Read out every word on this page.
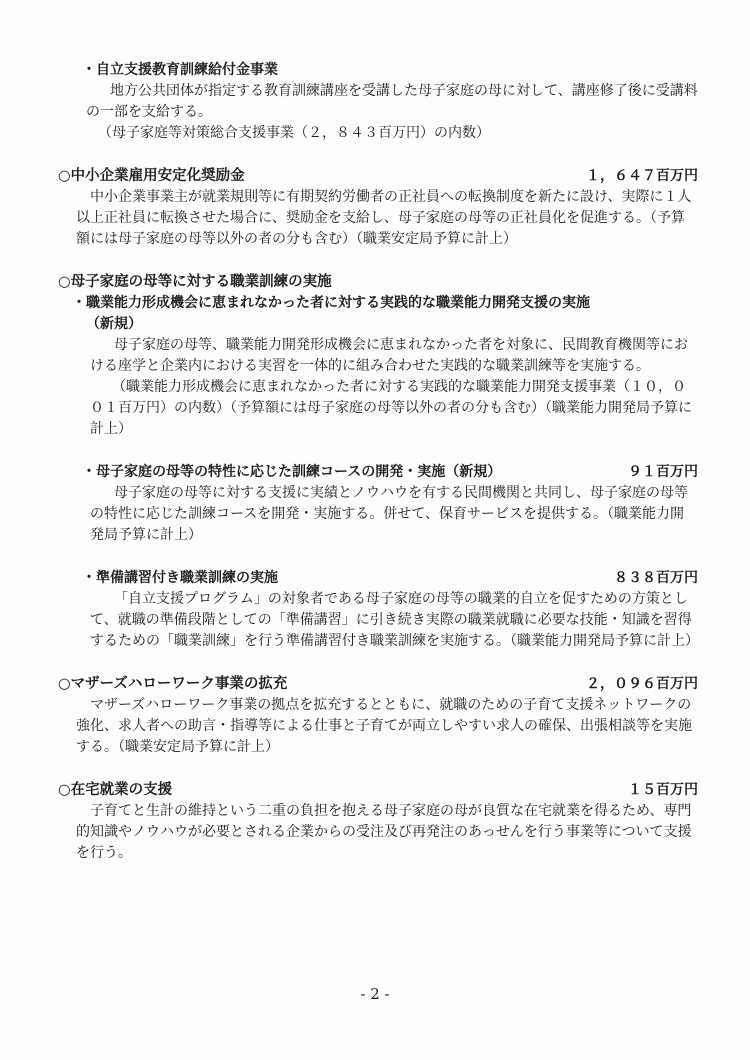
・自立支援教育訓練給付金事業

地方公共団体が指定する教育訓練講座を受講した母子家庭の母に対して、講座修了後に受講料の一部を支給する。

（母子家庭等対策総合支援事業（２，８４３百万円）の内数）

○中小企業雇用安定化奨励金	１，６４７百万円

中小企業事業主が就業規則等に有期契約労働者の正社員への転換制度を新たに設け、実際に１人以上正社員に転換させた場合に、奨励金を支給し、母子家庭の母等の正社員化を促進する。（予算額には母子家庭の母等以外の者の分も含む）（職業安定局予算に計上）

○母子家庭の母等に対する職業訓練の実施
・職業能力形成機会に恵まれなかった者に対する実践的な職業能力開発支援の実施
（新規）

母子家庭の母等、職業能力開発形成機会に恵まれなかった者を対象に、民間教育機関等における座学と企業内における実習を一体的に組み合わせた実践的な職業訓練等を実施する。

（職業能力形成機会に恵まれなかった者に対する実践的な職業能力開発支援事業（１０，００１百万円）の内数）（予算額には母子家庭の母等以外の者の分も含む）（職業能力開発局予算に計上）

・母子家庭の母等の特性に応じた訓練コースの開発・実施（新規）	９１百万円

母子家庭の母等に対する支援に実績とノウハウを有する民間機関と共同し、母子家庭の母等の特性に応じた訓練コースを開発・実施する。併せて、保育サービスを提供する。（職業能力開発局予算に計上）

・準備講習付き職業訓練の実施	８３８百万円

「自立支援プログラム」の対象者である母子家庭の母等の職業的自立を促すための方策として、就職の準備段階としての「準備講習」に引き続き実際の職業就職に必要な技能・知識を習得するための「職業訓練」を行う準備講習付き職業訓練を実施する。（職業能力開発局予算に計上）

○マザーズハローワーク事業の拡充	２，０９６百万円

マザーズハローワーク事業の拠点を拡充するとともに、就職のための子育て支援ネットワークの強化、求人者への助言・指導等による仕事と子育てが両立しやすい求人の確保、出張相談等を実施する。（職業安定局予算に計上）

○在宅就業の支援	１５百万円

子育てと生計の維持という二重の負担を抱える母子家庭の母が良質な在宅就業を得るため、専門的知識やノウハウが必要とされる企業からの受注及び再発注のあっせんを行う事業等について支援を行う。

- 2 -
